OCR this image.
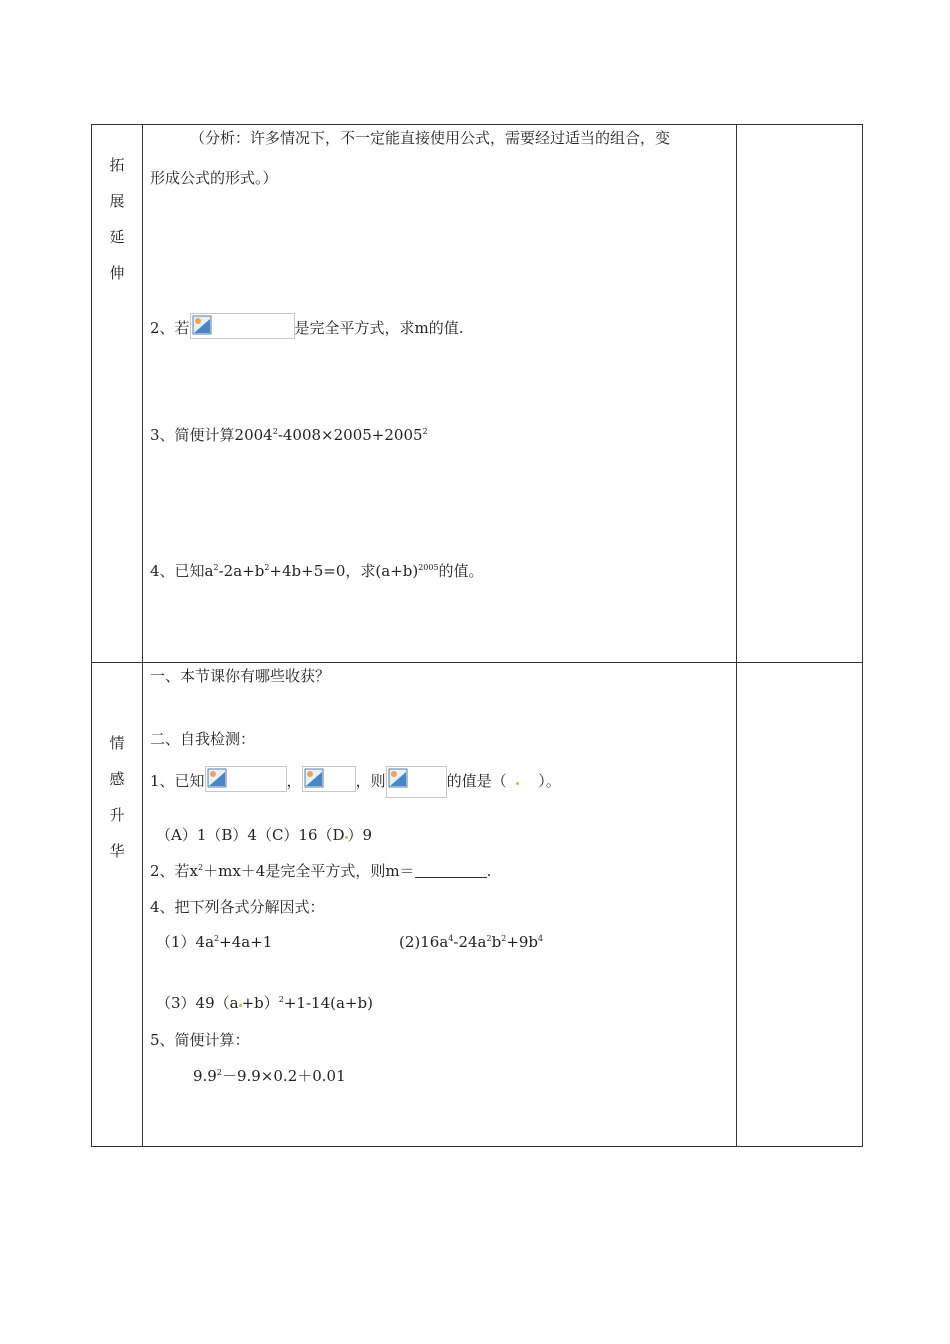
拓
展
延
伸
（分析：许多情况下，不一定能直接使用公式，需要经过适当的组合，变
形成公式的形式。）
2、若	是完全平方式，求m的值.
3、简便计算$2004^2-4008\times 2005+2005^2$
4、已知$a^2-2a+b^2+4b+5=0$，求$(a+b)^{2005}$的值。
情
感
升
华
一、本节课你有哪些收获？
二、自我检测：
1、已知	，	，则	的值是（ ）。
（A）1（B）4（C）16（D ）9
2、若$x^2+mx+4$是完全平方式，则m＝	.
4、把下列各式分解因式：
$(1)4a^2+4a+1$	$(2)16a^4-24a^2b^2+9b^4$
$(3)49(a +b)^2+1-14(a+b)$
5、简便计算：
$9.9^2-9.9\times 0.2+0.01$
